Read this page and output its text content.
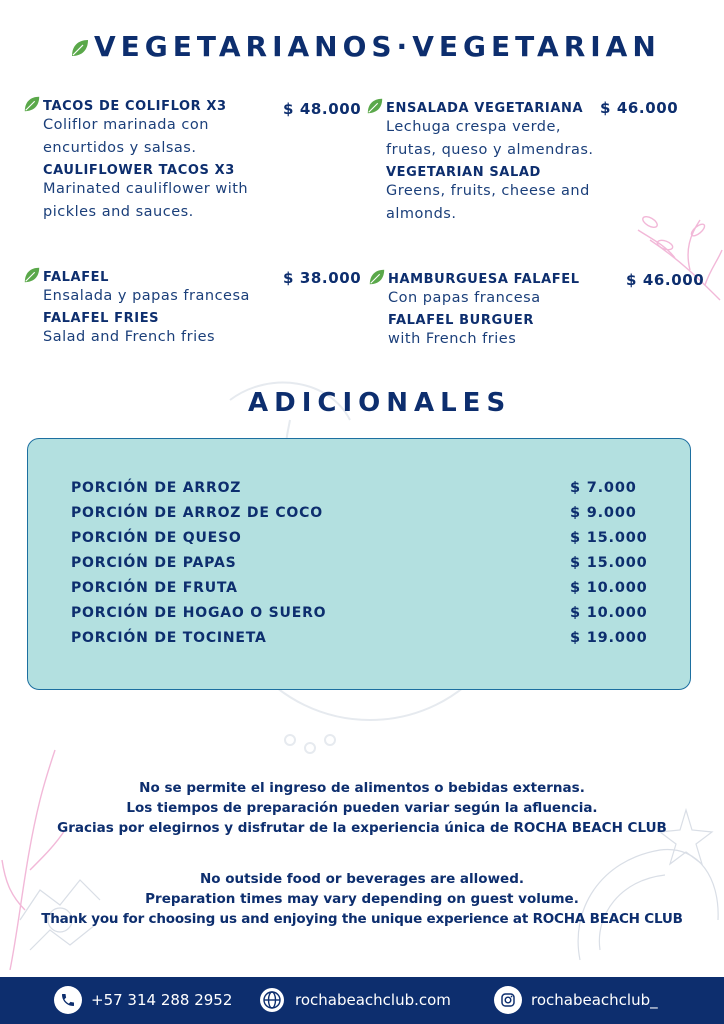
VEGETARIANOS·VEGETARIAN
TACOS DE COLIFLOR X3
Coliflor marinada con
encurtidos y salsas.
CAULIFLOWER TACOS X3
Marinated cauliflower with
pickles and sauces.
$ 48.000 ENSALADA VEGETARIANA
Lechuga crespa verde,
frutas, queso y almendras.
VEGETARIAN SALAD
Greens, fruits, cheese and
almonds.
$ 46.000
FALAFEL
Ensalada y papas francesa
FALAFEL FRIES
Salad and French fries
$ 38.000 HAMBURGUESA FALAFEL
Con papas francesa
FALAFEL BURGUER
with French fries
$ 46.000
ADICIONALES
PORCIÓN DE ARROZ	$ 7.000
PORCIÓN DE ARROZ DE COCO	$ 9.000
PORCIÓN DE QUESO	$ 15.000
PORCIÓN DE PAPAS	$ 15.000
PORCIÓN DE FRUTA	$ 10.000
PORCIÓN DE HOGAO O SUERO	$ 10.000
PORCIÓN DE TOCINETA	$ 19.000
No se permite el ingreso de alimentos o bebidas externas.
Los tiempos de preparación pueden variar según la afluencia.
Gracias por elegirnos y disfrutar de la experiencia única de ROCHA BEACH CLUB
No outside food or beverages are allowed.
Preparation times may vary depending on guest volume.
Thank you for choosing us and enjoying the unique experience at ROCHA BEACH CLUB
+57 314 288 2952	rochabeachclub.com	rochabeachclub_
